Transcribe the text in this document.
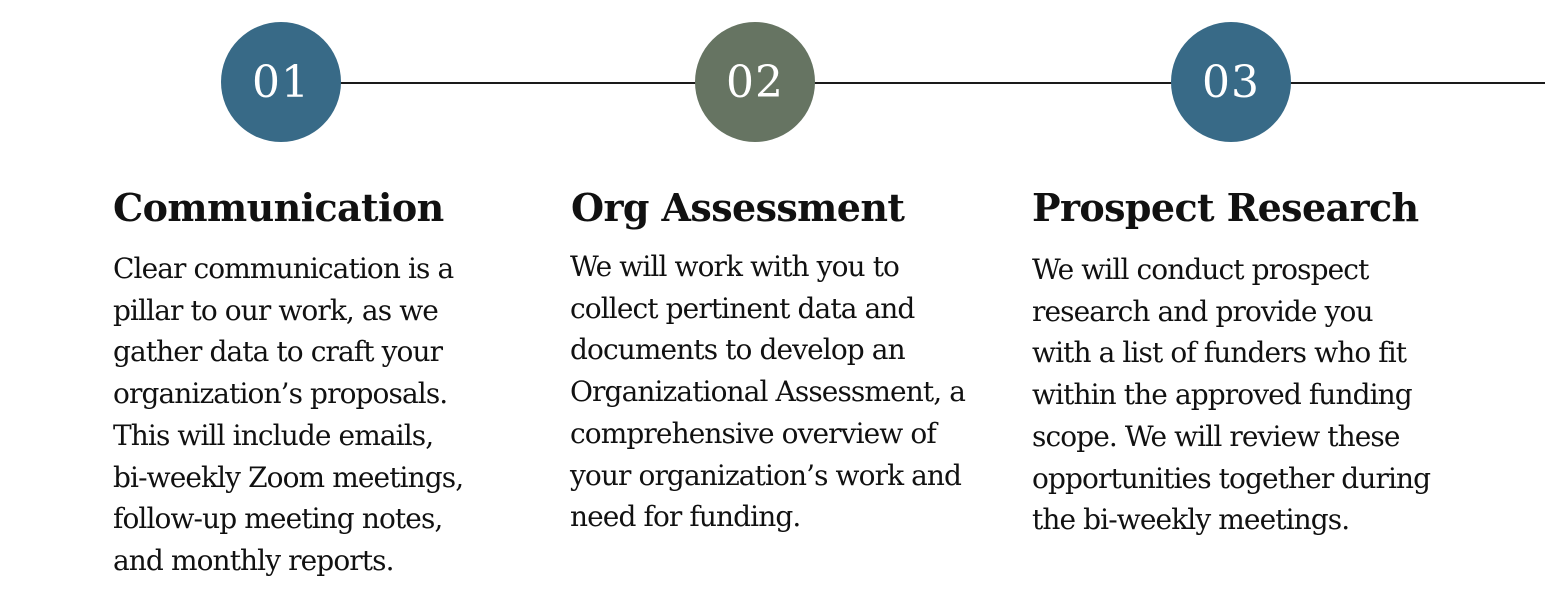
01	02	03
Communication

Clear communication is a
pillar to our work, as we
gather data to craft your
organization’s proposals.
This will include emails,
bi-weekly Zoom meetings,
follow-up meeting notes,
and monthly reports.

Org Assessment

We will work with you to
collect pertinent data and
documents to develop an
Organizational Assessment, a
comprehensive overview of
your organization’s work and
need for funding.

Prospect Research

We will conduct prospect
research and provide you
with a list of funders who fit
within the approved funding
scope. We will review these
opportunities together during
the bi-weekly meetings.
